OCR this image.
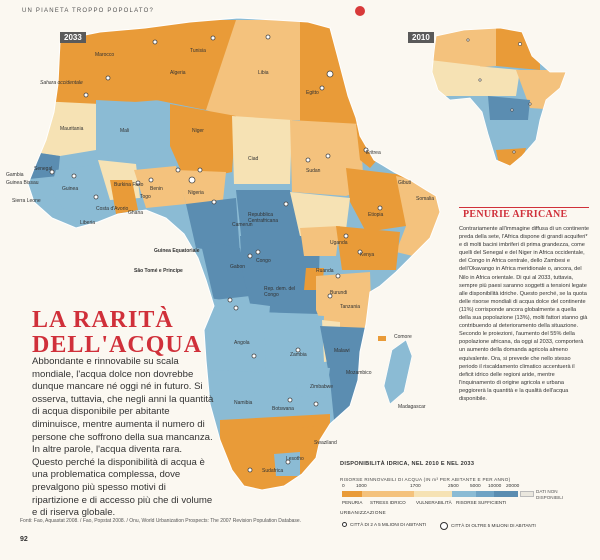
UN PIANETA TROPPO POPOLATO?
2033	2010
Tunisia
Marocco
Algeria	Libia
Egitto
Sahara occidentale
Mauritania	Mali	Niger
Ciad
Sudan
Eritrea
Gibuti
Etiopia
Somalia
Senegal
Gambia
Guinea Bissau
Guinea
Sierra Leone
Liberia
Costa d'Avorio
Burkina Faso
Ghana
Togo
Benin
Nigeria
Camerun
Repubblica Centrafricana
Uganda
Kenya
Guinea Equatoriale
São Tomé e Principe
Gabon
Congo
Rep. dem. del Congo
Ruanda
Burundi
Tanzania
Angola
Zambia
Malawi
Mozambico
Comore
Madagascar
Zimbabwe
Namibia
Botswana
Swaziland
Lesotho
Sudafrica
LA RARITÀ
DELL'ACQUA

Abbondante e rinnovabile su scala mondiale, l'acqua dolce non dovrebbe dunque mancare né oggi né in futuro. Si osserva, tuttavia, che negli anni la quantità di acqua disponibile per abitante diminuisce, mentre aumenta il numero di persone che soffrono della sua mancanza. In altre parole, l'acqua diventa rara. Questo perché la disponibilità di acqua è una problematica complessa, dove prevalgono più spesso motivi di ripartizione e di accesso più che di volume e di riserva globale.

PENURIE AFRICANE

Contrariamente all'immagine diffusa di un continente preda della sete, l'Africa dispone di grandi acquiferi* e di molti bacini imbriferi di prima grandezza, come quelli del Senegal e del Niger in Africa occidentale, del Congo in Africa centrale, dello Zambesi e dell'Okavango in Africa meridionale o, ancora, del Nilo in Africa orientale. Di qui al 2033, tuttavia, sempre più paesi saranno soggetti a tensioni legate alle disponibilità idriche. Questo perché, se la quota delle risorse mondiali di acqua dolce del continente (11%) corrisponde ancora globalmente a quella della sua popolazione (13%), molti fattori stanno già contribuendo al deterioramento della situazione. Secondo le proiezioni, l'aumento del 55% della popolazione africana, da oggi al 2033, comporterà un aumento della domanda agricola almeno equivalente. Ora, si prevede che nello stesso periodo il riscaldamento climatico accentuerà il deficit idrico delle regioni aride, mentre l'inquinamento di origine agricola e urbana peggiorerà la quantità e la qualità dell'acqua disponibile.

DISPONIBILITÀ IDRICA, NEL 2010 E NEL 2033
RISORSE RINNOVABILI DI ACQUA (IN m³ PER ABITANTE E PER ANNO)
0 1000	1700	2500 5000 10000 20000
PENURIA STRESS IDRICO VULNERABILITÀ RISORSE SUFFICIENTI
DATI NON
DISPONIBILI
URBANIZZAZIONE
CITTÀ DI 2 A 5 MILIONI DI ABITANTI	CITTÀ DI OLTRE 5 MILIONI DI ABITANTI
Fonti: Fao, Aquastat 2008. / Fao, Popstat 2008. / Onu, World Urbanization Prospects: The 2007 Revision Population Database.
92
